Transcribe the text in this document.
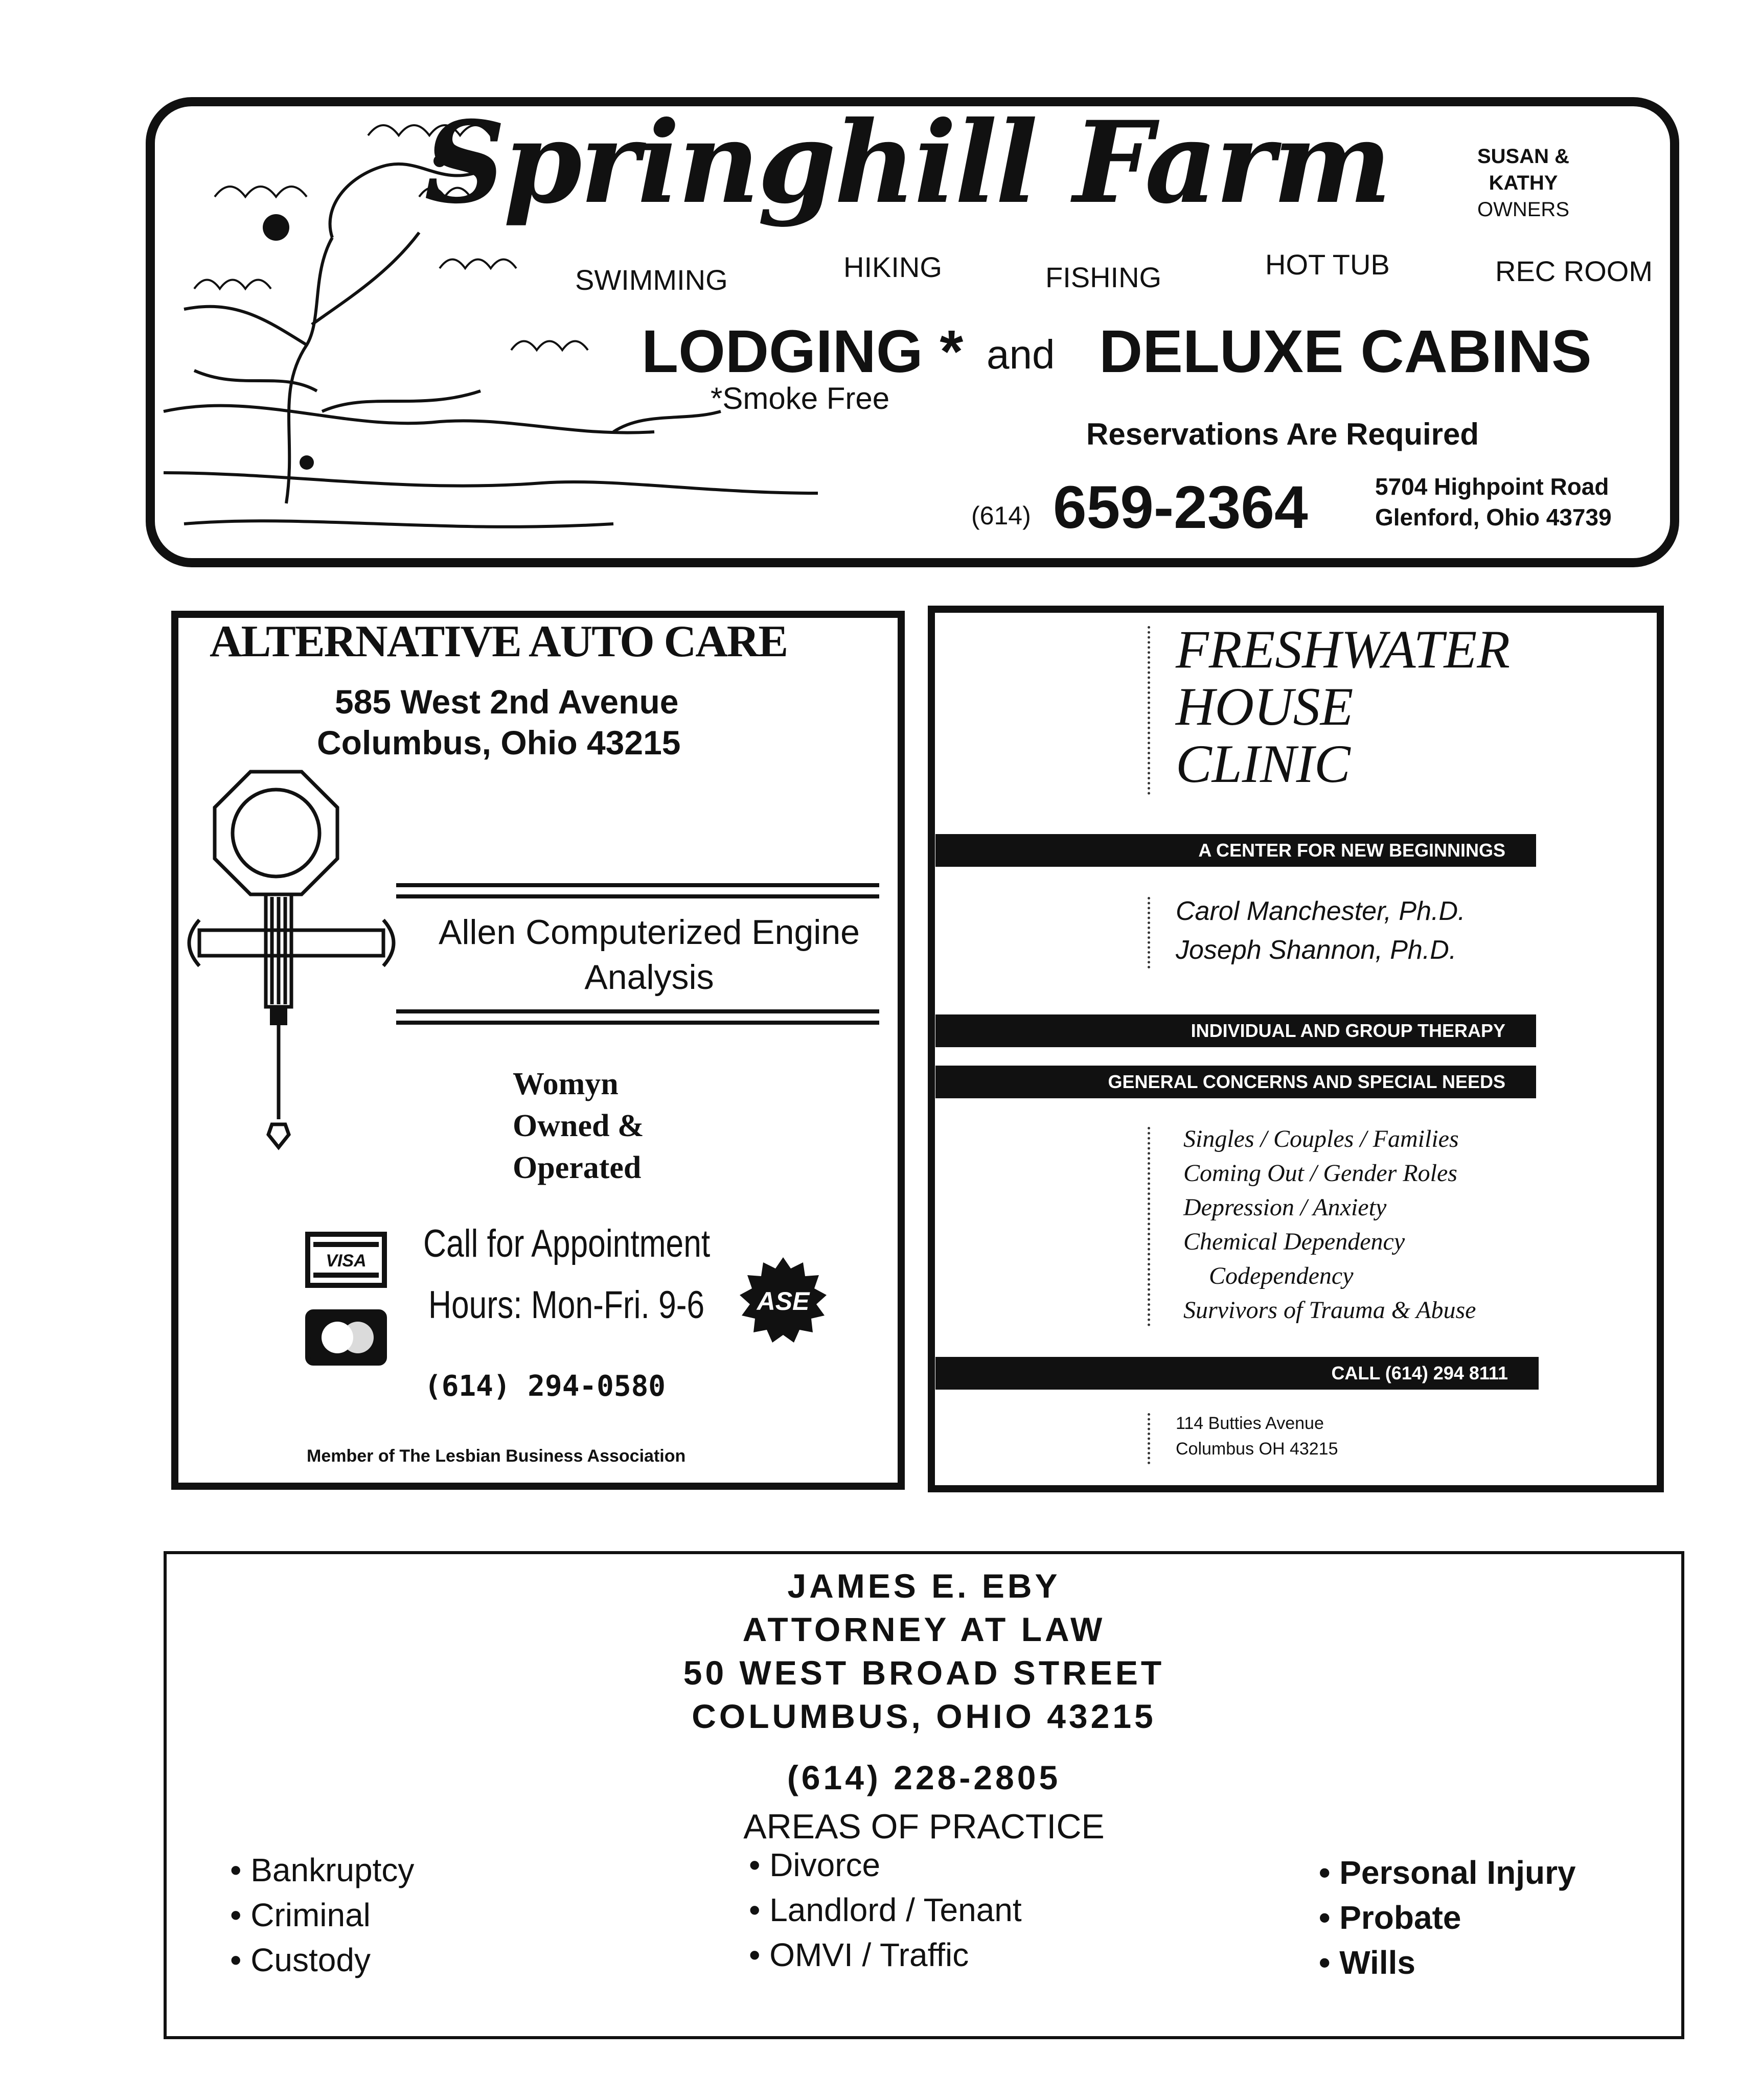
Springhill Farm	SUSAN &
KATHY
OWNERS
SWIMMING	HIKING	FISHING	HOT TUB	REC ROOM
LODGING * and DELUXE CABINS
*Smoke Free
Reservations Are Required
(614) 659-2364	5704 Highpoint Road
Glenford, Ohio 43739
ALTERNATIVE AUTO CARE
585 West 2nd Avenue
Columbus, Ohio 43215
Allen Computerized Engine
Analysis
Womyn
Owned &
Operated
VISA	Call for Appointment
Hours: Mon-Fri. 9-6 ASE
(614) 294-0580
Member of The Lesbian Business Association
FRESHWATER
HOUSE
CLINIC
A CENTER FOR NEW BEGINNINGS
Carol Manchester, Ph.D.
Joseph Shannon, Ph.D.
INDIVIDUAL AND GROUP THERAPY
GENERAL CONCERNS AND SPECIAL NEEDS
Singles / Couples / Families
Coming Out / Gender Roles
Depression / Anxiety
Chemical Dependency
Codependency
Survivors of Trauma & Abuse
CALL (614) 294 8111
114 Butties Avenue
Columbus OH 43215
JAMES E. EBY
ATTORNEY AT LAW
50 WEST BROAD STREET
COLUMBUS, OHIO 43215
(614) 228-2805
AREAS OF PRACTICE
• Bankruptcy
• Criminal
• Custody
• Divorce
• Landlord / Tenant
• OMVI / Traffic
• Personal Injury
• Probate
• Wills
